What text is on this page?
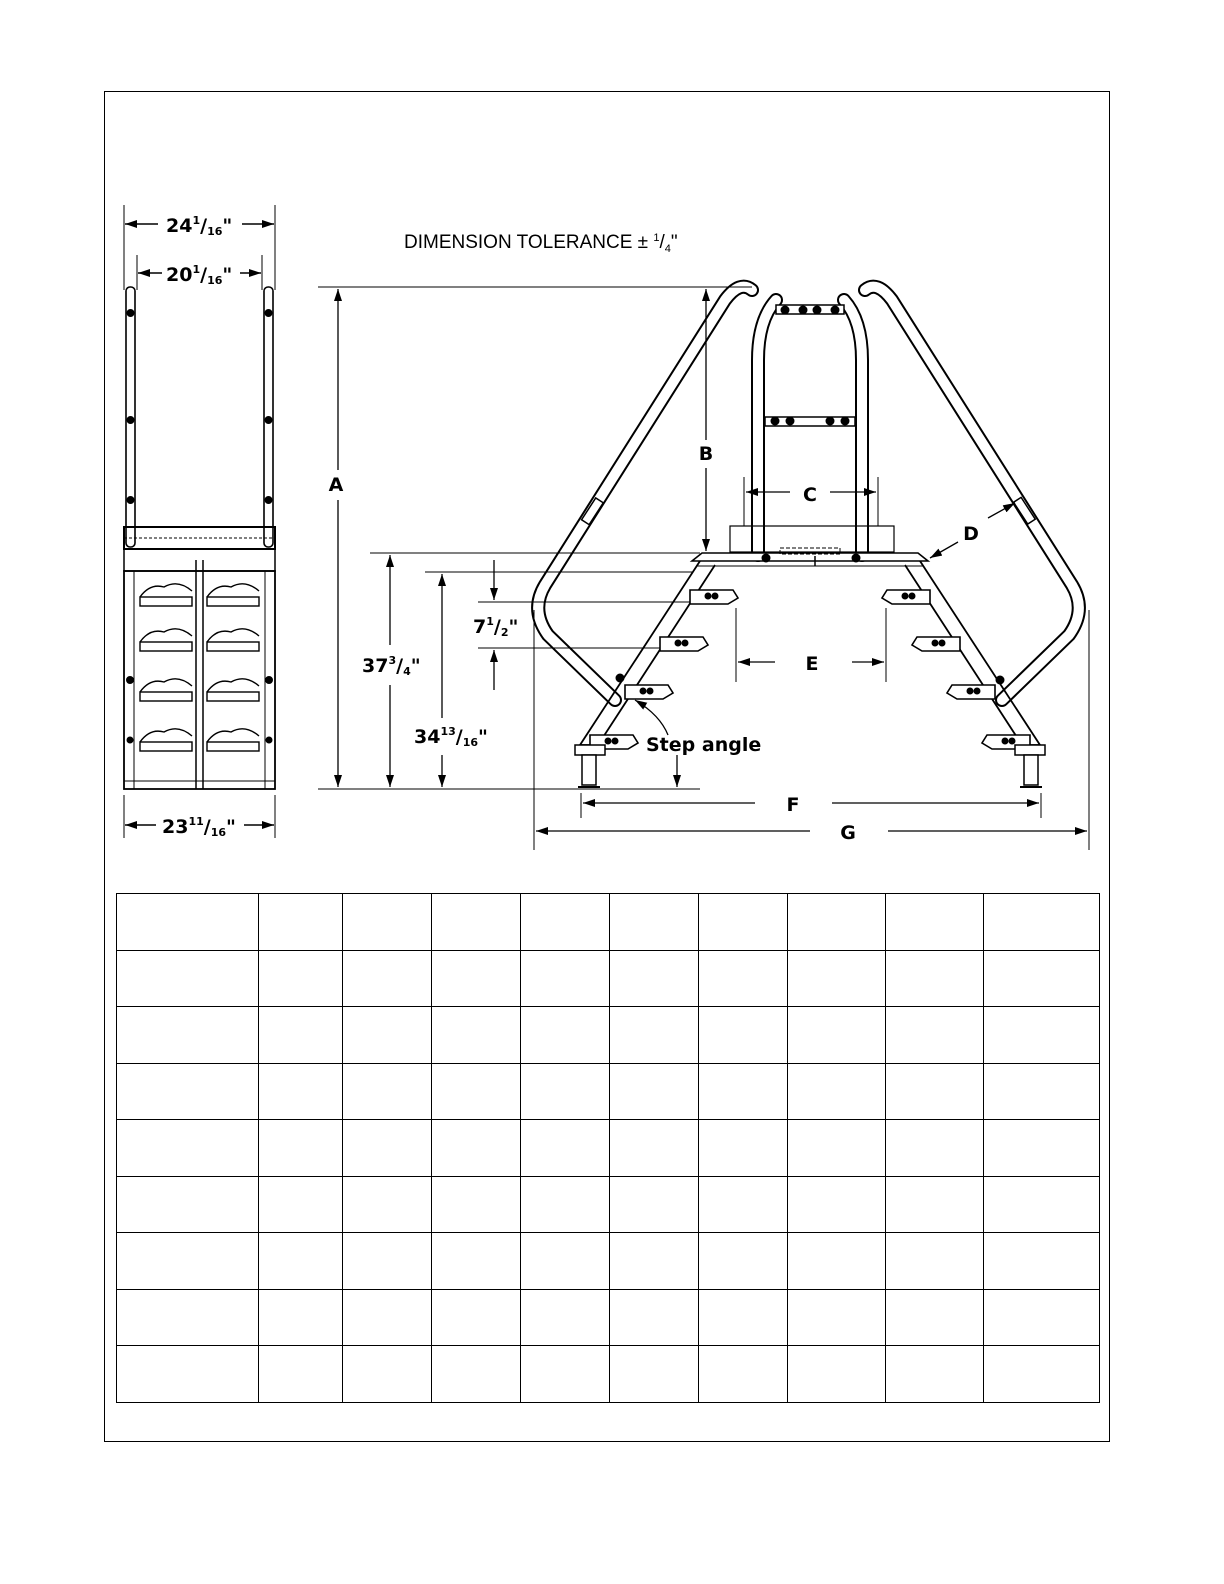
DIMENSION TOLERANCE ± $^1/_4$"
$24^1/16$"
$20^1/16$"
$23^{11}/16$"
A
B
C
D
E
F
G
$37^3/4$"
$34^{13}/16$"
$7^1/2$"
Step angle
